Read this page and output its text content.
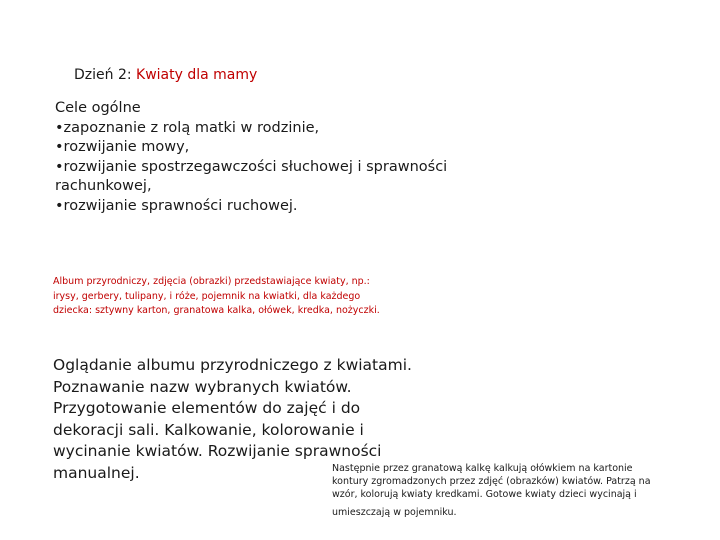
Dzień 2: Kwiaty dla mamy
Cele ogólne
•zapoznanie z rolą matki w rodzinie,
•rozwijanie mowy,
•rozwijanie spostrzegawczości słuchowej i sprawności
rachunkowej,
•rozwijanie sprawności ruchowej.
Album przyrodniczy, zdjęcia (obrazki) przedstawiające kwiaty, np.:
irysy, gerbery, tulipany, i róże, pojemnik na kwiatki, dla każdego
dziecka: sztywny karton, granatowa kalka, ołówek, kredka, nożyczki.
Oglądanie albumu przyrodniczego z kwiatami.
Poznawanie nazw wybranych kwiatów.
Przygotowanie elementów do zajęć i do
dekoracji sali. Kalkowanie, kolorowanie i
wycinanie kwiatów. Rozwijanie sprawności
manualnej.	Następnie przez granatową kalkę kalkują ołówkiem na kartonie
kontury zgromadzonych przez zdjęć (obrazków) kwiatów. Patrzą na
wzór, kolorują kwiaty kredkami. Gotowe kwiaty dzieci wycinają i
umieszczają w pojemniku.
